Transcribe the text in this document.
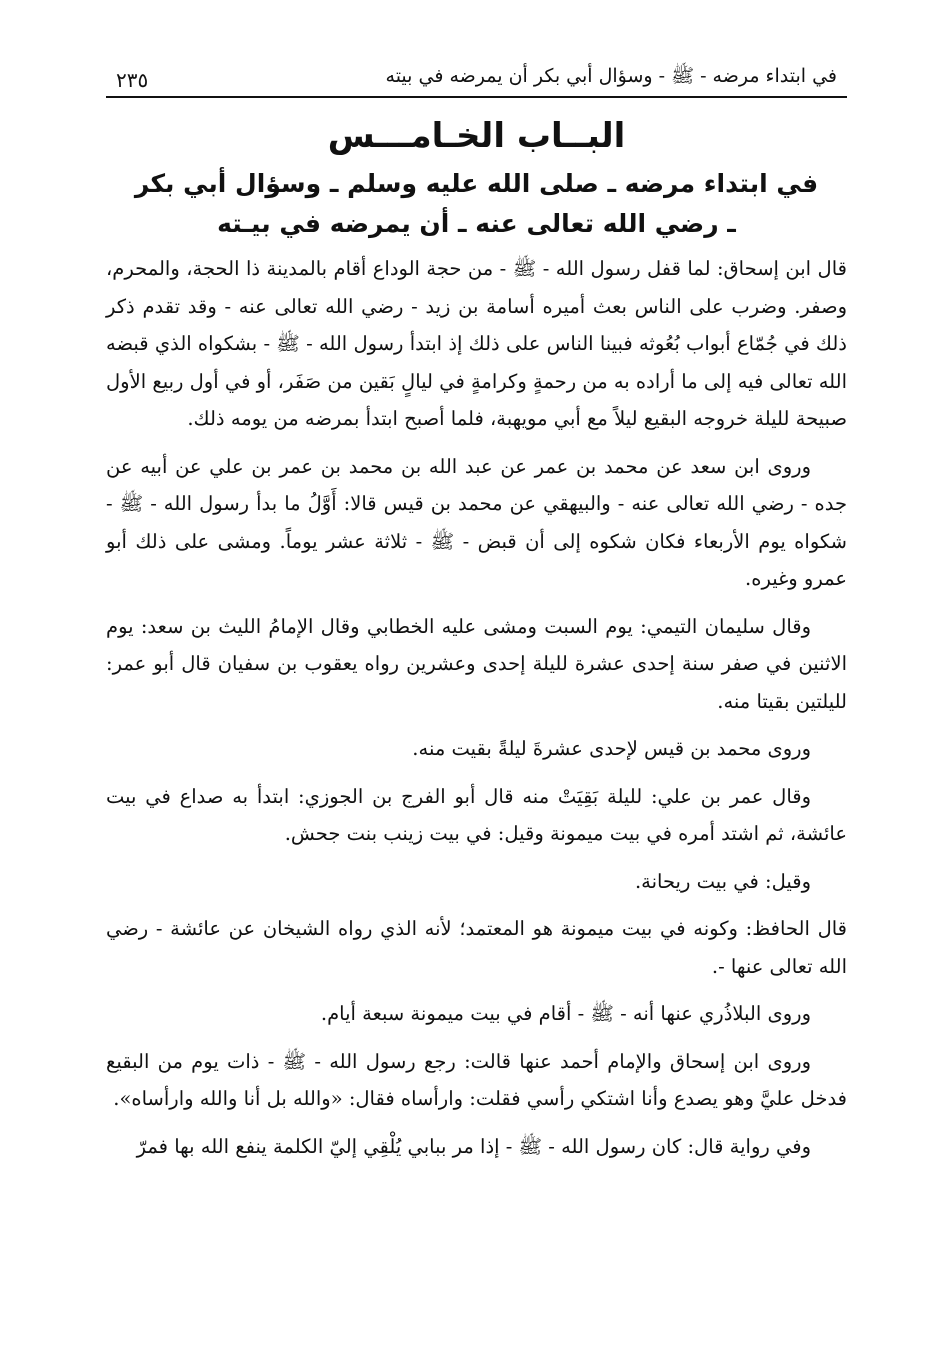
في ابتداء مرضه - ﷺ - وسؤال أبي بكر أن يمرضه في بيته
٢٣٥
البــاب الخـامـــس
في ابتداء مرضه ـ صلى الله عليه وسلم ـ وسؤال أبي بكر
ـ رضي الله تعالى عنه ـ أن يمرضه في بيـته

قال ابن إسحاق: لما قفل رسول الله - ﷺ - من حجة الوداع أقام بالمدينة ذا الحجة، والمحرم، وصفر. وضرب على الناس بعث أميره أسامة بن زيد - رضي الله تعالى عنه - وقد تقدم ذكر ذلك في جُمّاع أبواب بُعُوثه فبينا الناس على ذلك إذ ابتدأ رسول الله - ﷺ - بشكواه الذي قبضه الله تعالى فيه إلى ما أراده به من رحمةٍ وكرامةٍ في ليالٍ بَقين من صَفَر، أو في أول ربيع الأول صبيحة لليلة خروجه البقيع ليلاً مع أبي مويهبة، فلما أصبح ابتدأ بمرضه من يومه ذلك.

وروى ابن سعد عن محمد بن عمر عن عبد الله بن محمد بن عمر بن علي عن أبيه عن جده - رضي الله تعالى عنه - والبيهقي عن محمد بن قيس قالا: أَوَّلُ ما بدأ رسول الله - ﷺ - شكواه يوم الأربعاء فكان شكوه إلى أن قبض - ﷺ - ثلاثة عشر يوماً. ومشى على ذلك أبو عمرو وغيره.

وقال سليمان التيمي: يوم السبت ومشى عليه الخطابي وقال الإمامُ الليث بن سعد: يوم الاثنين في صفر سنة إحدى عشرة لليلة إحدى وعشرين رواه يعقوب بن سفيان قال أبو عمر: لليلتين بقيتا منه.

وروى محمد بن قيس لإحدى عشرةَ ليلةً بقيت منه.

وقال عمر بن علي: لليلة بَقِيَتْ منه قال أبو الفرج بن الجوزي: ابتدأ به صداع في بيت عائشة، ثم اشتد أمره في بيت ميمونة وقيل: في بيت زينب بنت جحش.

وقيل: في بيت ريحانة.

قال الحافظ: وكونه في بيت ميمونة هو المعتمد؛ لأنه الذي رواه الشيخان عن عائشة - رضي الله تعالى عنها -.

وروى البلاذُري عنها أنه - ﷺ - أقام في بيت ميمونة سبعة أيام.

وروى ابن إسحاق والإمام أحمد عنها قالت: رجع رسول الله - ﷺ - ذات يوم من البقيع فدخل عليَّ وهو يصدع وأنا اشتكي رأسي فقلت: وارأساه فقال: «والله بل أنا والله وارأساه».

وفي رواية قال: كان رسول الله - ﷺ - إذا مر ببابي يُلْقِي إليّ الكلمة ينفع الله بها فمرّ
